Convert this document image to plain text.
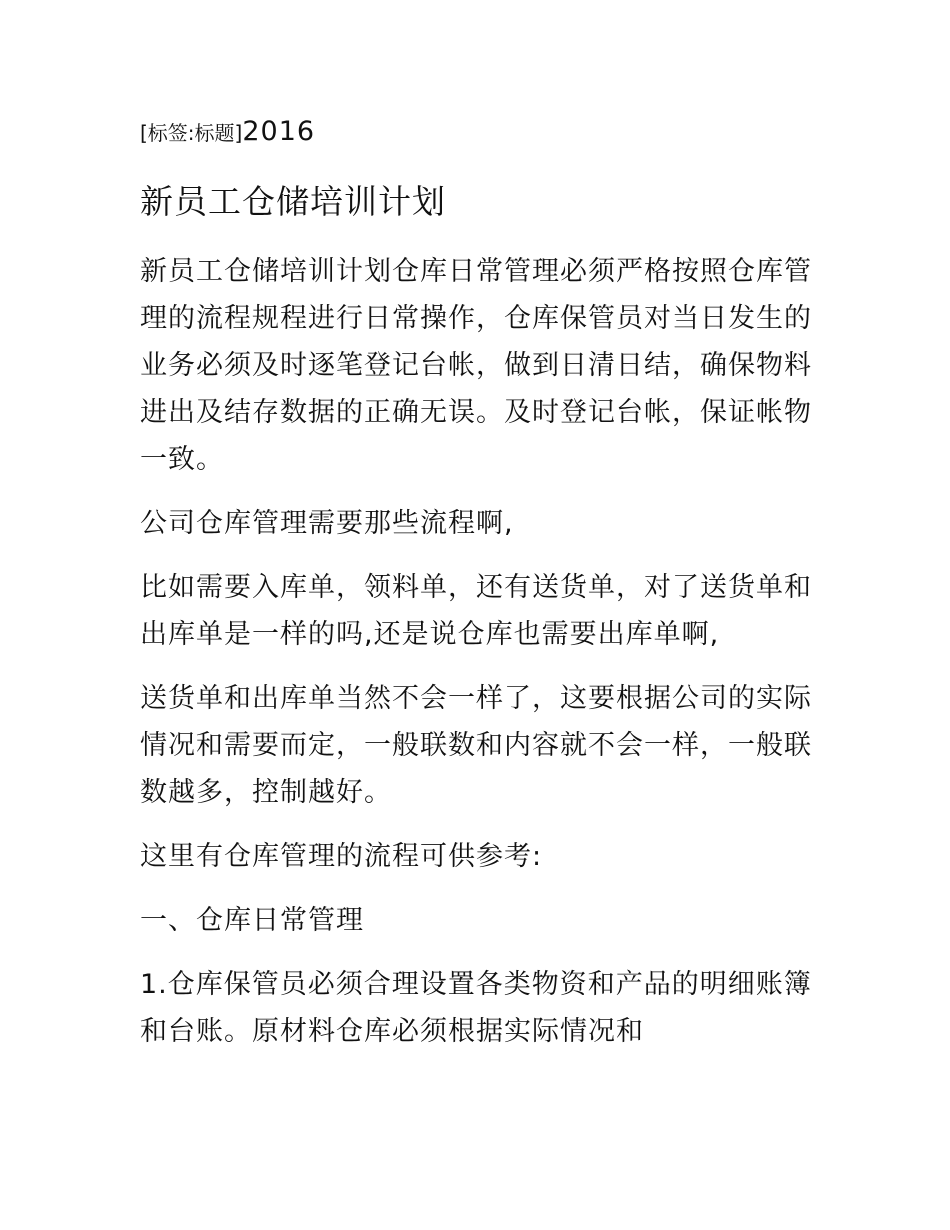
[标签:标题]2016

新员工仓储培训计划

新员工仓储培训计划仓库日常管理必须严格按照仓库管理的流程规程进行日常操作，仓库保管员对当日发生的业务必须及时逐笔登记台帐，做到日清日结，确保物料进出及结存数据的正确无误。及时登记台帐，保证帐物一致。

公司仓库管理需要那些流程啊,

比如需要入库单，领料单，还有送货单，对了送货单和出库单是一样的吗,还是说仓库也需要出库单啊,

送货单和出库单当然不会一样了，这要根据公司的实际情况和需要而定，一般联数和内容就不会一样，一般联数越多，控制越好。

这里有仓库管理的流程可供参考:

一、仓库日常管理

1.仓库保管员必须合理设置各类物资和产品的明细账簿和台账。原材料仓库必须根据实际情况和
